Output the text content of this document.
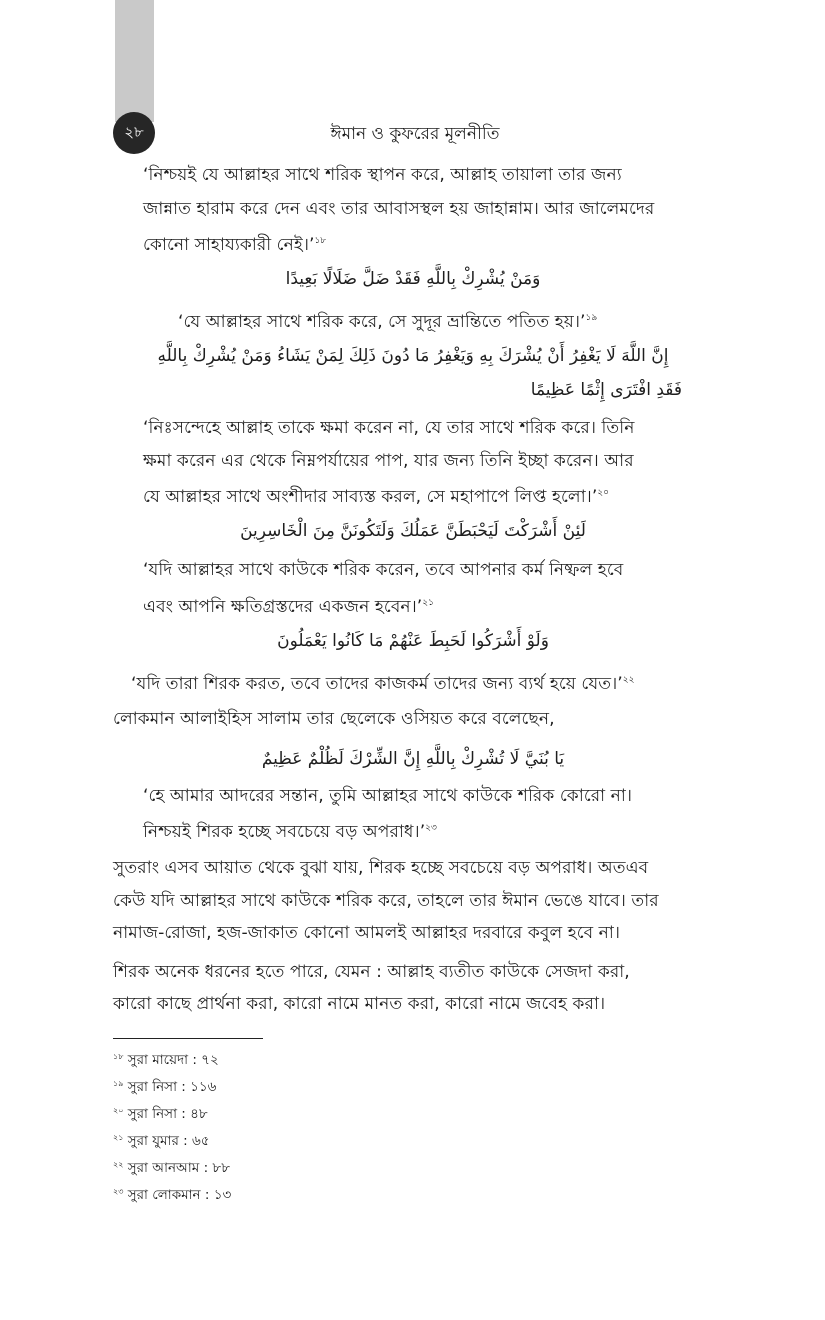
২৮	ঈমান ও কুফরের মূলনীতি
‘নিশ্চয়ই যে আল্লাহর সাথে শরিক স্থাপন করে, আল্লাহ তায়ালা তার জন্য
জান্নাত হারাম করে দেন এবং তার আবাসস্থল হয় জাহান্নাম। আর জালেমদের
কোনো সাহায্যকারী নেই।’$^{১৮}$
وَمَنْ يُشْرِكْ بِاللَّهِ فَقَدْ ضَلَّ ضَلَالًا بَعِيدًا
‘যে আল্লাহর সাথে শরিক করে, সে সুদূর ভ্রান্তিতে পতিত হয়।’$^{১৯}$
إِنَّ اللَّهَ لَا يَغْفِرُ أَنْ يُشْرَكَ بِهِ وَيَغْفِرُ مَا دُونَ ذَلِكَ لِمَنْ يَشَاءُ وَمَنْ يُشْرِكْ بِاللَّهِ
فَقَدِ افْتَرَى إِثْمًا عَظِيمًا
‘নিঃসন্দেহে আল্লাহ তাকে ক্ষমা করেন না, যে তার সাথে শরিক করে। তিনি
ক্ষমা করেন এর থেকে নিম্নপর্যায়ের পাপ, যার জন্য তিনি ইচ্ছা করেন। আর
যে আল্লাহর সাথে অংশীদার সাব্যস্ত করল, সে মহাপাপে লিপ্ত হলো।’$^{২০}$
لَئِنْ أَشْرَكْتَ لَيَحْبَطَنَّ عَمَلُكَ وَلَتَكُونَنَّ مِنَ الْخَاسِرِينَ
‘যদি আল্লাহর সাথে কাউকে শরিক করেন, তবে আপনার কর্ম নিষ্ফল হবে
এবং আপনি ক্ষতিগ্রস্তদের একজন হবেন।’$^{২১}$
وَلَوْ أَشْرَكُوا لَحَبِطَ عَنْهُمْ مَا كَانُوا يَعْمَلُونَ
‘যদি তারা শিরক করত, তবে তাদের কাজকর্ম তাদের জন্য ব্যর্থ হয়ে যেত।’$^{২২}$
লোকমান আলাইহিস সালাম তার ছেলেকে ওসিয়ত করে বলেছেন,
يَا بُنَيَّ لَا تُشْرِكْ بِاللَّهِ إِنَّ الشِّرْكَ لَظُلْمٌ عَظِيمٌ
‘হে আমার আদরের সন্তান, তুমি আল্লাহর সাথে কাউকে শরিক কোরো না।
নিশ্চয়ই শিরক হচ্ছে সবচেয়ে বড় অপরাধ।’$^{২৩}$
সুতরাং এসব আয়াত থেকে বুঝা যায়, শিরক হচ্ছে সবচেয়ে বড় অপরাধ। অতএব
কেউ যদি আল্লাহর সাথে কাউকে শরিক করে, তাহলে তার ঈমান ভেঙে যাবে। তার
নামাজ-রোজা, হজ-জাকাত কোনো আমলই আল্লাহর দরবারে কবুল হবে না।
শিরক অনেক ধরনের হতে পারে, যেমন : আল্লাহ ব্যতীত কাউকে সেজদা করা,
কারো কাছে প্রার্থনা করা, কারো নামে মানত করা, কারো নামে জবেহ করা।
$^{১৮}$ সুরা মায়েদা : ৭২
$^{১৯}$ সুরা নিসা : ১১৬
$^{২০}$ সুরা নিসা : ৪৮
$^{২১}$ সুরা যুমার : ৬৫
$^{২২}$ সুরা আনআম : ৮৮
$^{২৩}$ সুরা লোকমান : ১৩
